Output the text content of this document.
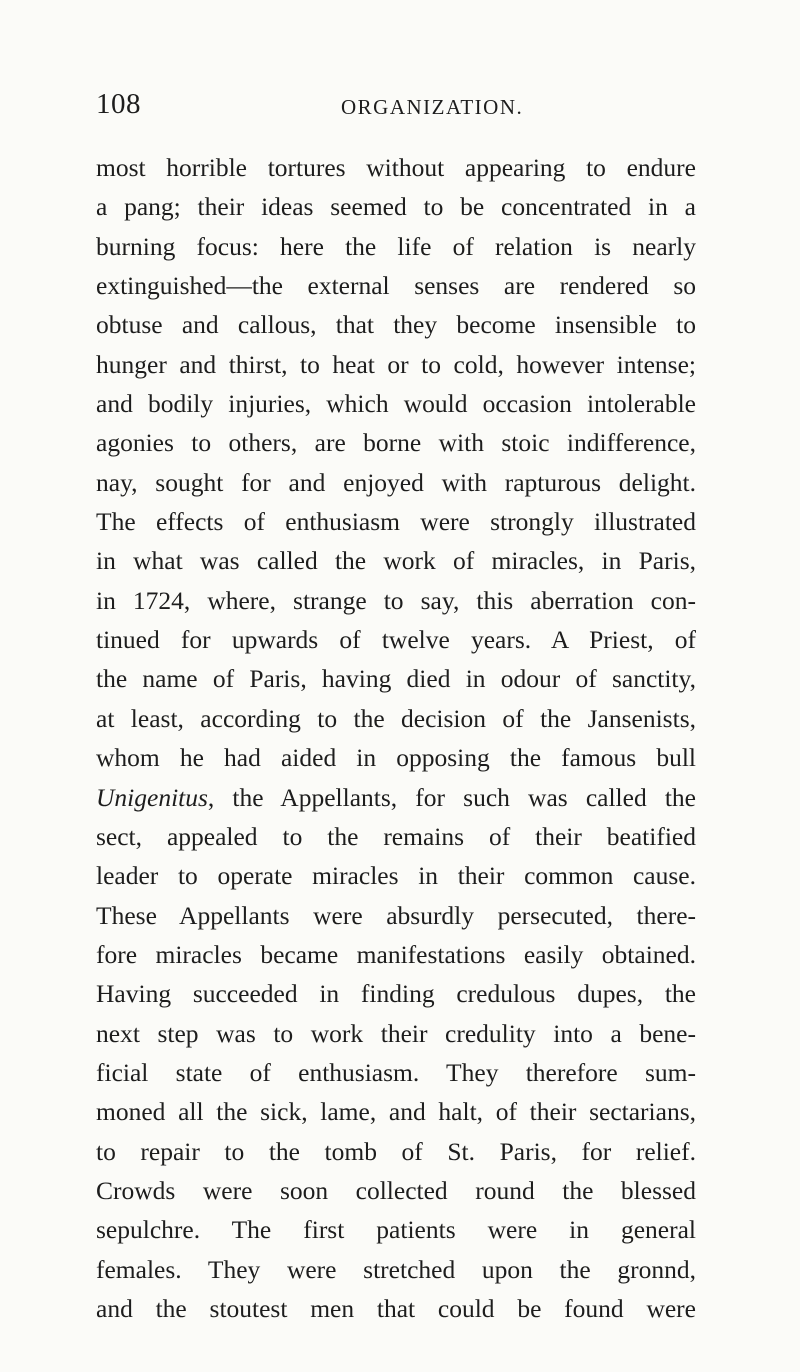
108	ORGANIZATION.
most horrible tortures without appearing to endure
a pang; their ideas seemed to be concentrated in a
burning focus: here the life of relation is nearly
extinguished—the external senses are rendered so
obtuse and callous, that they become insensible to
hunger and thirst, to heat or to cold, however intense;
and bodily injuries, which would occasion intolerable
agonies to others, are borne with stoic indifference,
nay, sought for and enjoyed with rapturous delight.
The effects of enthusiasm were strongly illustrated
in what was called the work of miracles, in Paris,
in 1724, where, strange to say, this aberration con-
tinued for upwards of twelve years. A Priest, of
the name of Paris, having died in odour of sanctity,
at least, according to the decision of the Jansenists,
whom he had aided in opposing the famous bull
Unigenitus, the Appellants, for such was called the
sect, appealed to the remains of their beatified
leader to operate miracles in their common cause.
These Appellants were absurdly persecuted, there-
fore miracles became manifestations easily obtained.
Having succeeded in finding credulous dupes, the
next step was to work their credulity into a bene-
ficial state of enthusiasm. They therefore sum-
moned all the sick, lame, and halt, of their sectarians,
to repair to the tomb of St. Paris, for relief.
Crowds were soon collected round the blessed
sepulchre. The first patients were in general
females. They were stretched upon the gronnd,
and the stoutest men that could be found were
